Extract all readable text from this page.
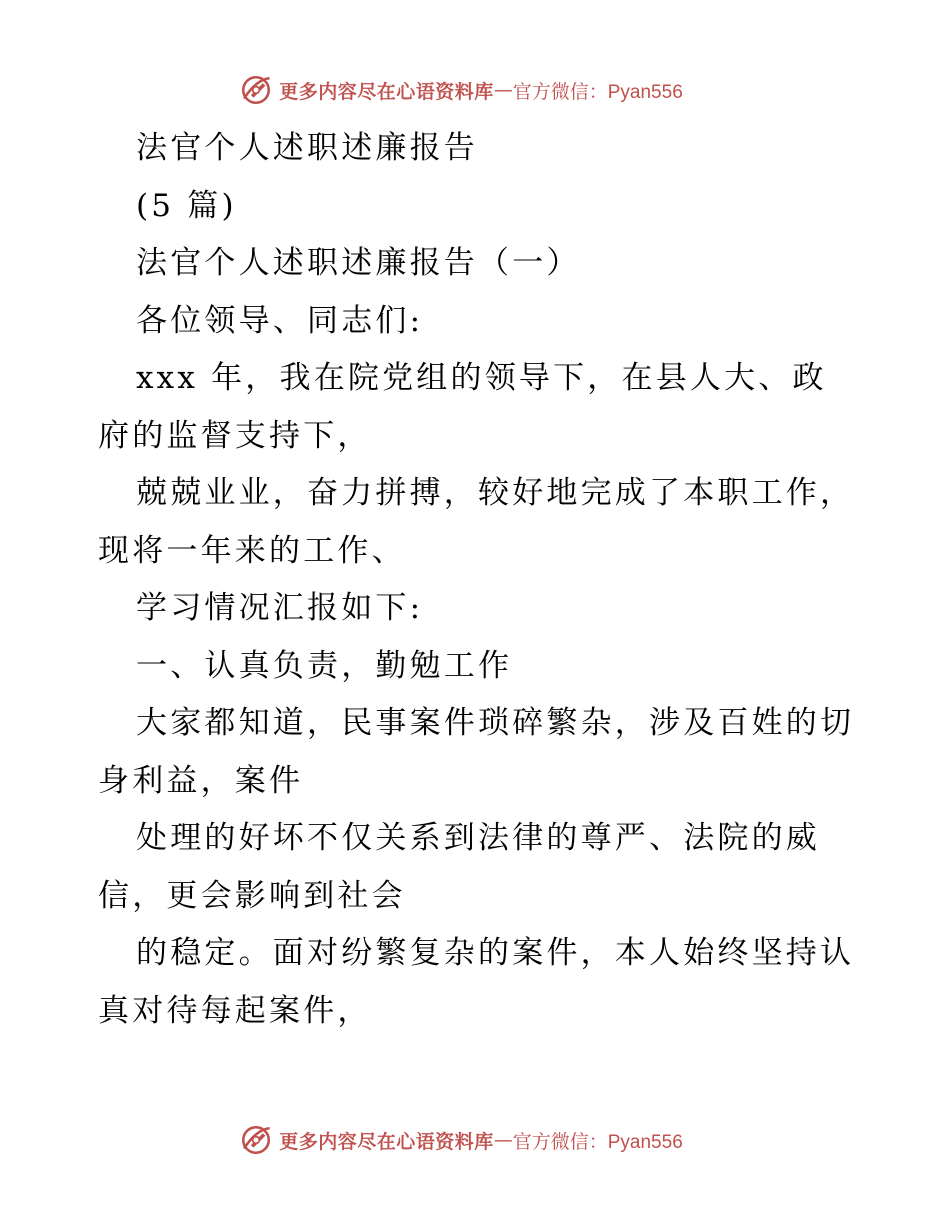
更多内容尽在心语资料库 — 官方微信：Pyan556

法官个人述职述廉报告

(5 篇)

法官个人述职述廉报告（一）

各位领导、同志们:

xxx 年，我在院党组的领导下，在县人大、政府的监督支持下，

兢兢业业，奋力拼搏，较好地完成了本职工作，现将一年来的工作、

学习情况汇报如下:

一、认真负责，勤勉工作

大家都知道，民事案件琐碎繁杂，涉及百姓的切身利益，案件

处理的好坏不仅关系到法律的尊严、法院的威信，更会影响到社会

的稳定。面对纷繁复杂的案件，本人始终坚持认真对待每起案件，

更多内容尽在心语资料库 — 官方微信：Pyan556
